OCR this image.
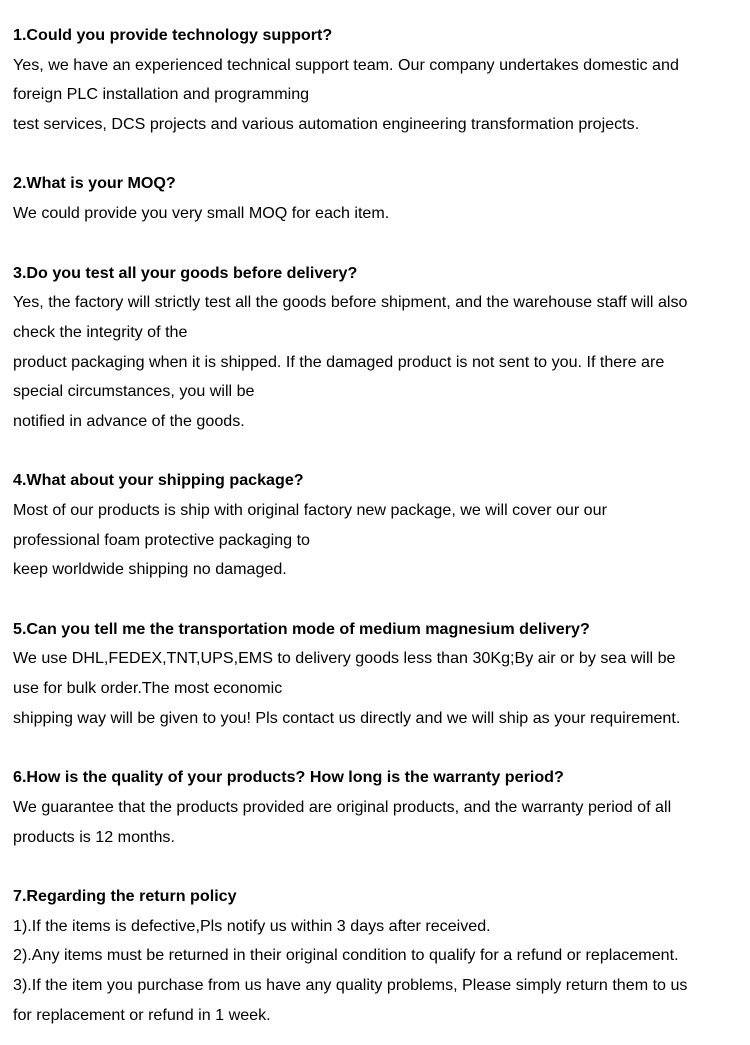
1.Could you provide technology support?
Yes, we have an experienced technical support team. Our company undertakes domestic and
foreign PLC installation and programming
test services, DCS projects and various automation engineering transformation projects.
2.What is your MOQ?
We could provide you very small MOQ for each item.
3.Do you test all your goods before delivery?
Yes, the factory will strictly test all the goods before shipment, and the warehouse staff will also
check the integrity of the
product packaging when it is shipped. If the damaged product is not sent to you. If there are
special circumstances, you will be
notified in advance of the goods.
4.What about your shipping package?
Most of our products is ship with original factory new package, we will cover our our
professional foam protective packaging to
keep worldwide shipping no damaged.
5.Can you tell me the transportation mode of medium magnesium delivery?
We use DHL,FEDEX,TNT,UPS,EMS to delivery goods less than 30Kg;By air or by sea will be
use for bulk order.The most economic
shipping way will be given to you! Pls contact us directly and we will ship as your requirement.
6.How is the quality of your products? How long is the warranty period?
We guarantee that the products provided are original products, and the warranty period of all
products is 12 months.
7.Regarding the return policy
1).If the items is defective,Pls notify us within 3 days after received.
2).Any items must be returned in their original condition to qualify for a refund or replacement.
3).If the item you purchase from us have any quality problems, Please simply return them to us
for replacement or refund in 1 week.
